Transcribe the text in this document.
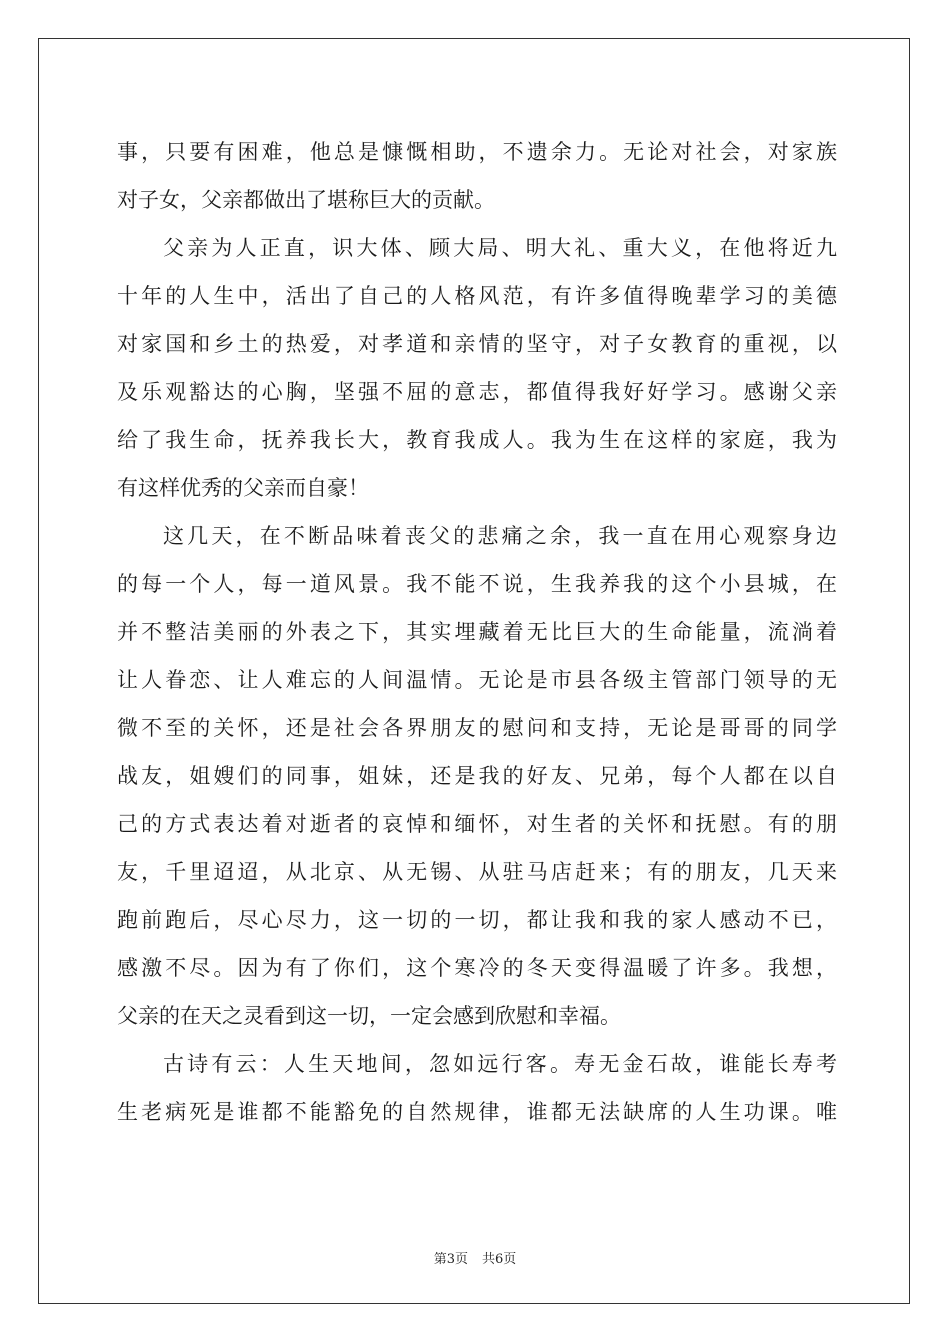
事，只要有困难，他总是慷慨相助，不遗余力。无论对社会，对家族
对子女，父亲都做出了堪称巨大的贡献。
父亲为人正直，识大体、顾大局、明大礼、重大义，在他将近九
十年的人生中，活出了自己的人格风范，有许多值得晚辈学习的美德
对家国和乡土的热爱，对孝道和亲情的坚守，对子女教育的重视，以
及乐观豁达的心胸，坚强不屈的意志，都值得我好好学习。感谢父亲
给了我生命，抚养我长大，教育我成人。我为生在这样的家庭，我为
有这样优秀的父亲而自豪！
这几天，在不断品味着丧父的悲痛之余，我一直在用心观察身边
的每一个人，每一道风景。我不能不说，生我养我的这个小县城，在
并不整洁美丽的外表之下，其实埋藏着无比巨大的生命能量，流淌着
让人眷恋、让人难忘的人间温情。无论是市县各级主管部门领导的无
微不至的关怀，还是社会各界朋友的慰问和支持，无论是哥哥的同学
战友，姐嫂们的同事，姐妹，还是我的好友、兄弟，每个人都在以自
己的方式表达着对逝者的哀悼和缅怀，对生者的关怀和抚慰。有的朋
友，千里迢迢，从北京、从无锡、从驻马店赶来；有的朋友，几天来
跑前跑后，尽心尽力，这一切的一切，都让我和我的家人感动不已，
感激不尽。因为有了你们，这个寒冷的冬天变得温暖了许多。我想，
父亲的在天之灵看到这一切，一定会感到欣慰和幸福。
古诗有云：人生天地间，忽如远行客。寿无金石故，谁能长寿考
生老病死是谁都不能豁免的自然规律，谁都无法缺席的人生功课。唯
第3页 共6页
